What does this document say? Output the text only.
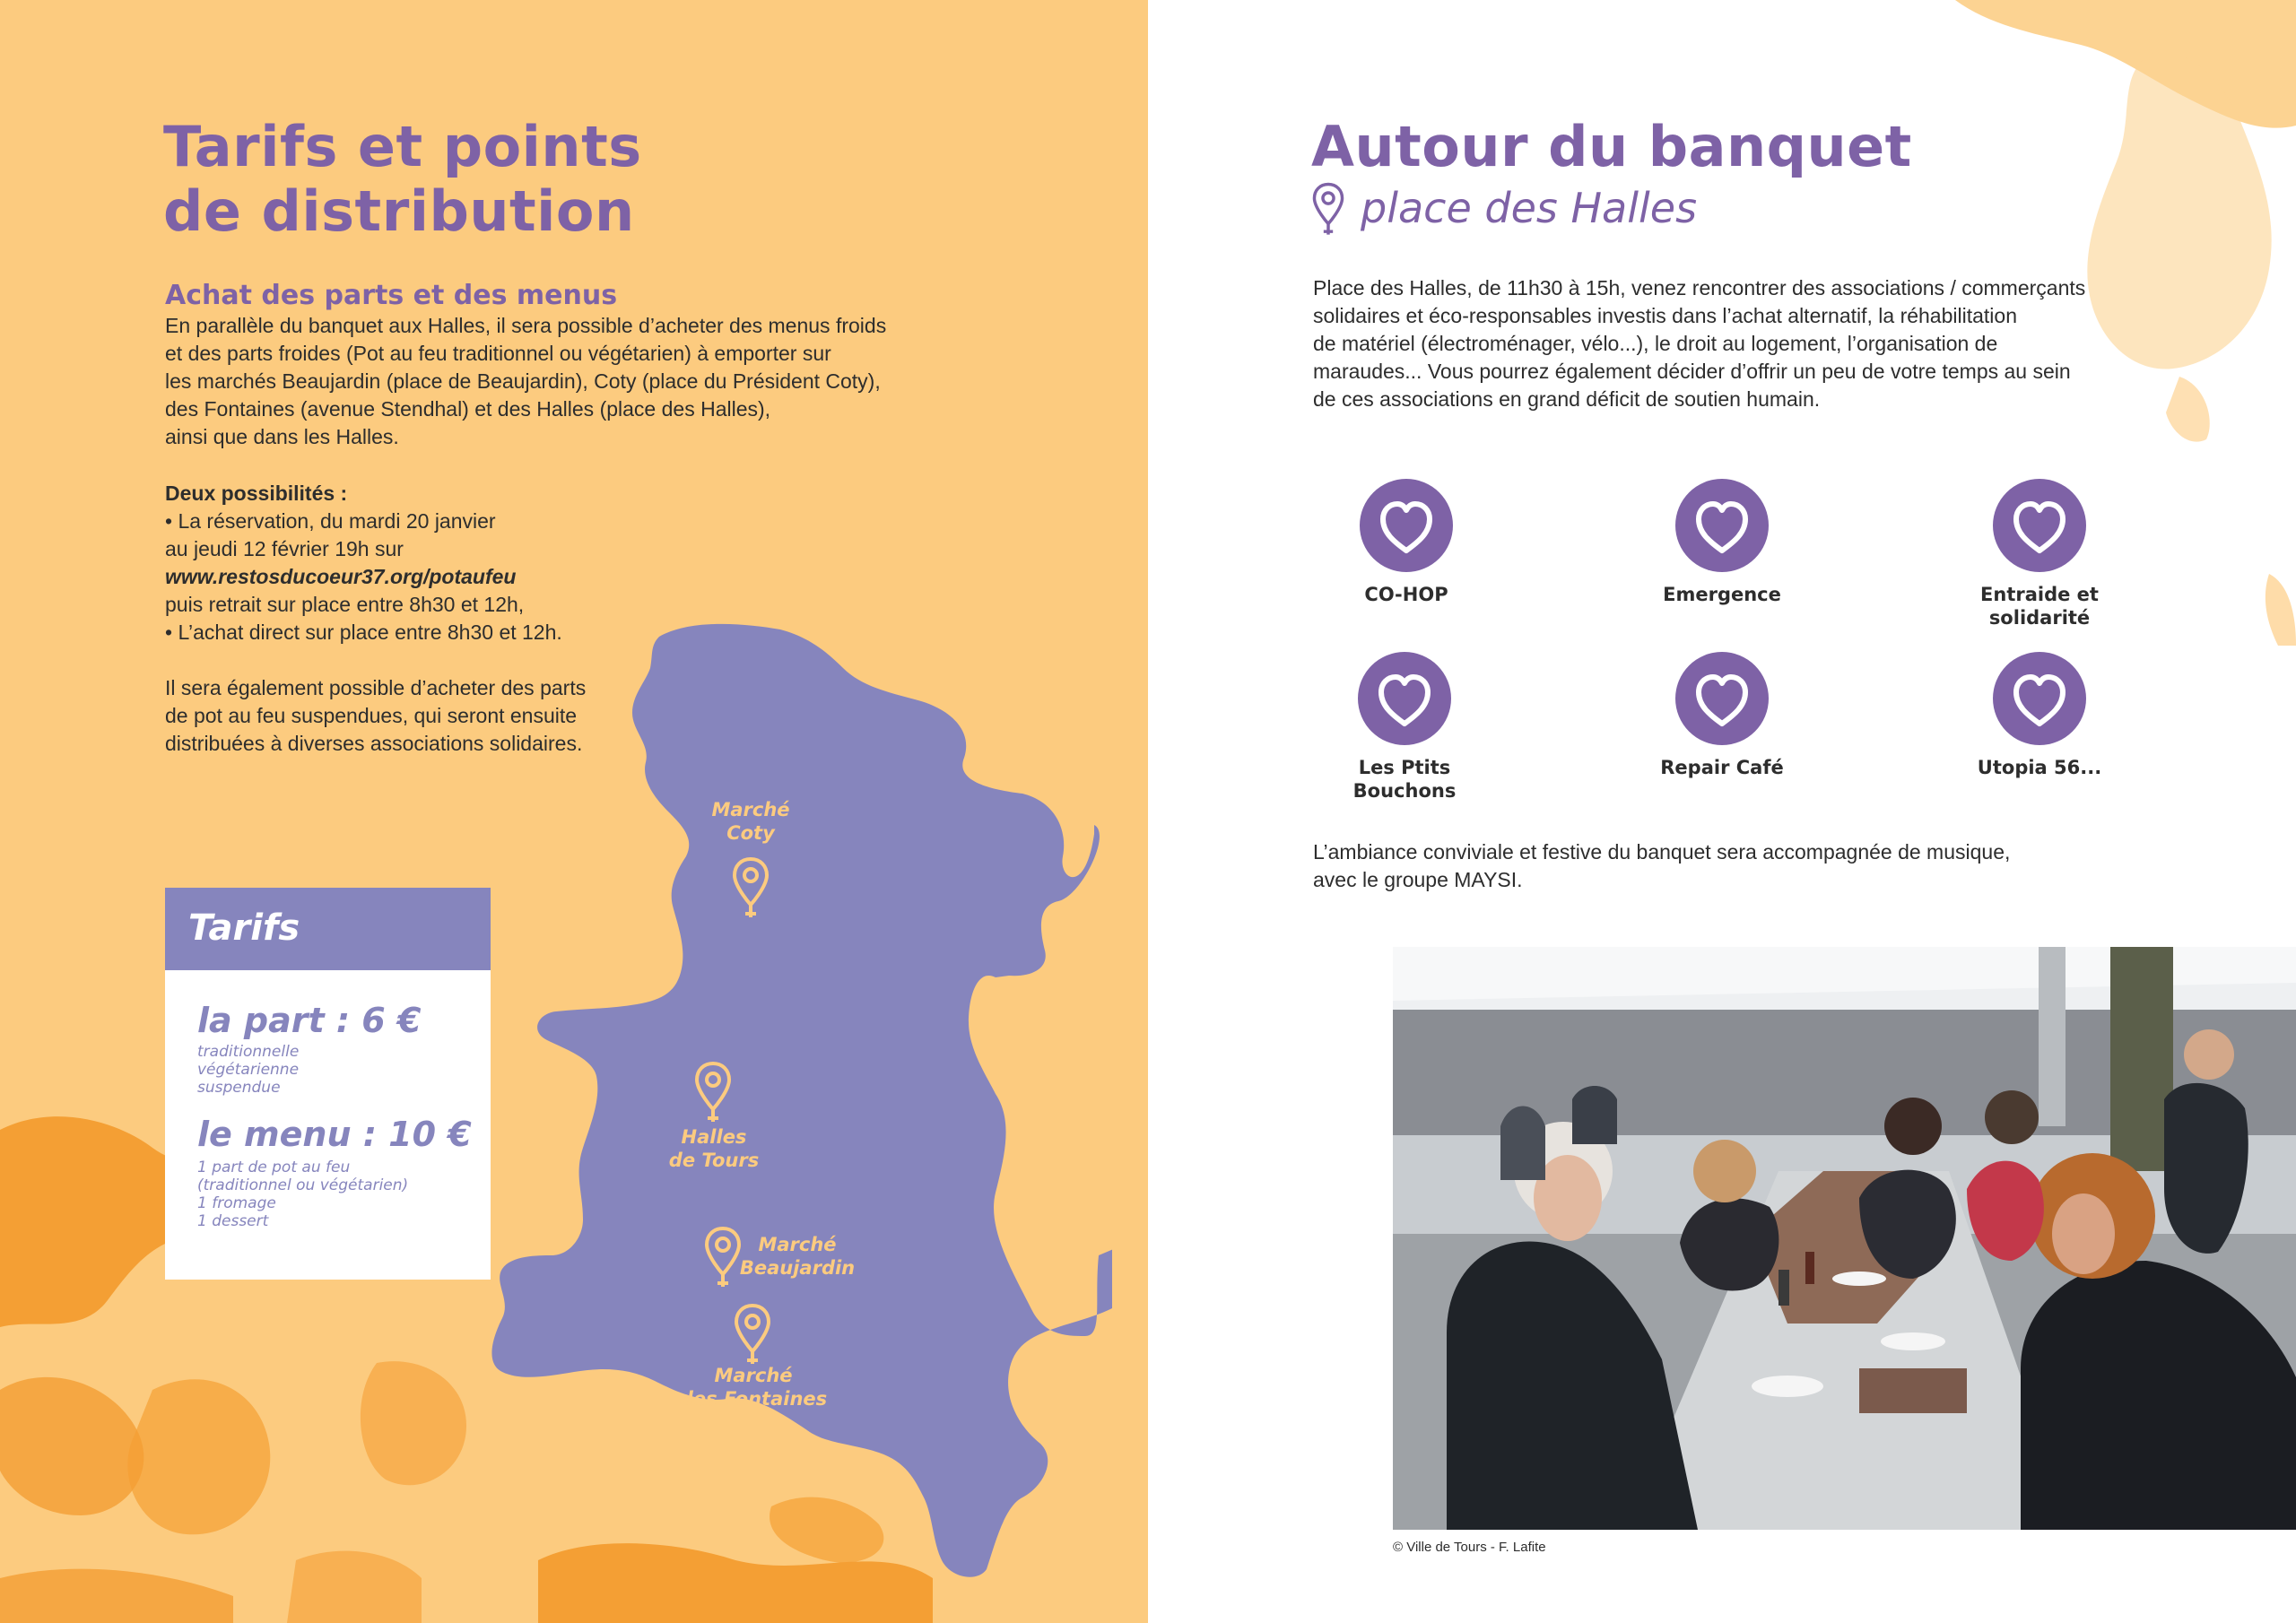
Tarifs et points
de distribution
Achat des parts et des menus
En parallèle du banquet aux Halles, il sera possible d’acheter des menus froids
et des parts froides (Pot au feu traditionnel ou végétarien) à emporter sur
les marchés Beaujardin (place de Beaujardin), Coty (place du Président Coty),
des Fontaines (avenue Stendhal) et des Halles (place des Halles),
ainsi que dans les Halles.
Deux possibilités :
• La réservation, du mardi 20 janvier
au jeudi 12 février 19h sur
www.restosducoeur37.org/potaufeu
puis retrait sur place entre 8h30 et 12h,
• L’achat direct sur place entre 8h30 et 12h.
Il sera également possible d’acheter des parts
de pot au feu suspendues, qui seront ensuite
distribuées à diverses associations solidaires.
Marché
Coty
Halles
de Tours
Marché
Beaujardin
Marché
des Fontaines
Tarifs
la part : 6 €
traditionnelle
végétarienne
suspendue
le menu : 10 €
1 part de pot au feu
(traditionnel ou végétarien)
1 fromage
1 dessert
Autour du banquet
place des Halles
Place des Halles, de 11h30 à 15h, venez rencontrer des associations / commerçants
solidaires et éco-responsables investis dans l’achat alternatif, la réhabilitation
de matériel (électroménager, vélo...), le droit au logement, l’organisation de
maraudes... Vous pourrez également décider d’offrir un peu de votre temps au sein
de ces associations en grand déficit de soutien humain.
CO-HOP	Emergence	Entraide et
solidarité
Les Ptits
Bouchons
Repair Café	Utopia 56...
L’ambiance conviviale et festive du banquet sera accompagnée de musique,
avec le groupe MAYSI.
© Ville de Tours - F. Lafite
